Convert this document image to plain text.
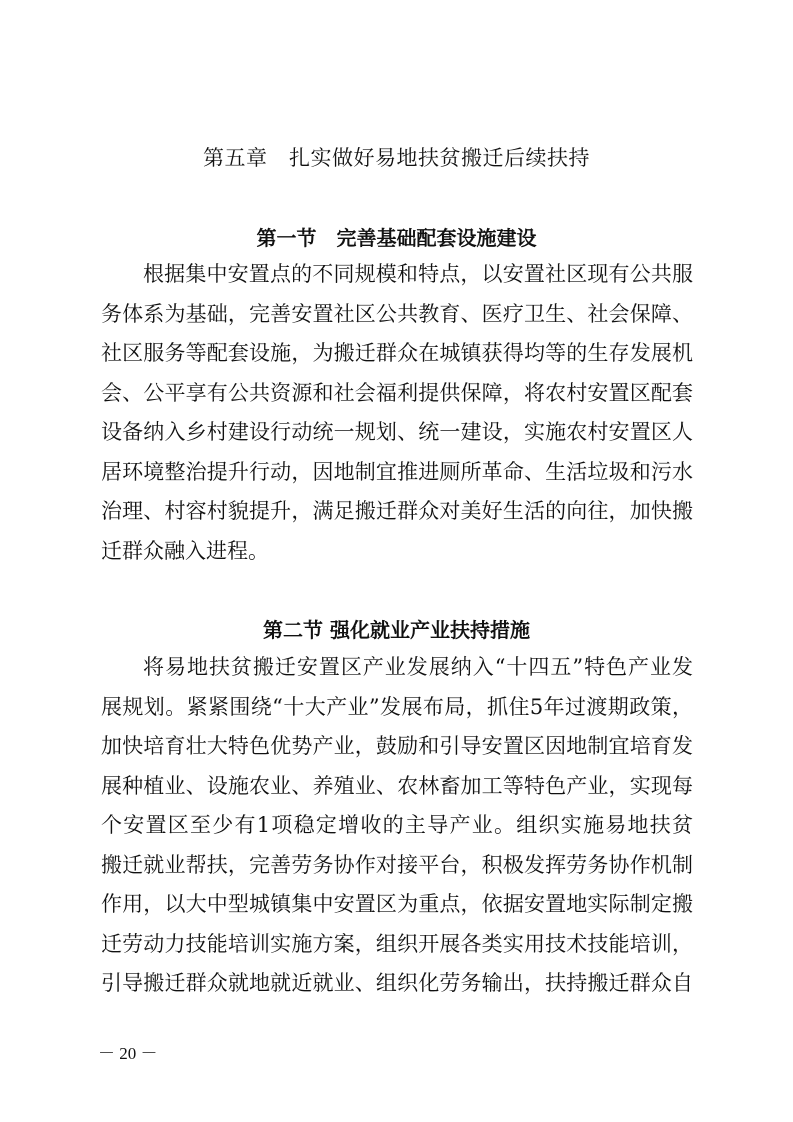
第五章　扎实做好易地扶贫搬迁后续扶持
第一节　完善基础配套设施建设
根据集中安置点的不同规模和特点，以安置社区现有公共服
务体系为基础，完善安置社区公共教育、医疗卫生、社会保障、
社区服务等配套设施，为搬迁群众在城镇获得均等的生存发展机
会、公平享有公共资源和社会福利提供保障，将农村安置区配套
设备纳入乡村建设行动统一规划、统一建设，实施农村安置区人
居环境整治提升行动，因地制宜推进厕所革命、生活垃圾和污水
治理、村容村貌提升，满足搬迁群众对美好生活的向往，加快搬
迁群众融入进程。
第二节 强化就业产业扶持措施
将易地扶贫搬迁安置区产业发展纳入“十四五”特色产业发
展规划。紧紧围绕“十大产业”发展布局，抓住5年过渡期政策，
加快培育壮大特色优势产业，鼓励和引导安置区因地制宜培育发
展种植业、设施农业、养殖业、农林畜加工等特色产业，实现每
个安置区至少有1项稳定增收的主导产业。组织实施易地扶贫
搬迁就业帮扶，完善劳务协作对接平台，积极发挥劳务协作机制
作用，以大中型城镇集中安置区为重点，依据安置地实际制定搬
迁劳动力技能培训实施方案，组织开展各类实用技术技能培训，
引导搬迁群众就地就近就业、组织化劳务输出，扶持搬迁群众自
－ 20 －
